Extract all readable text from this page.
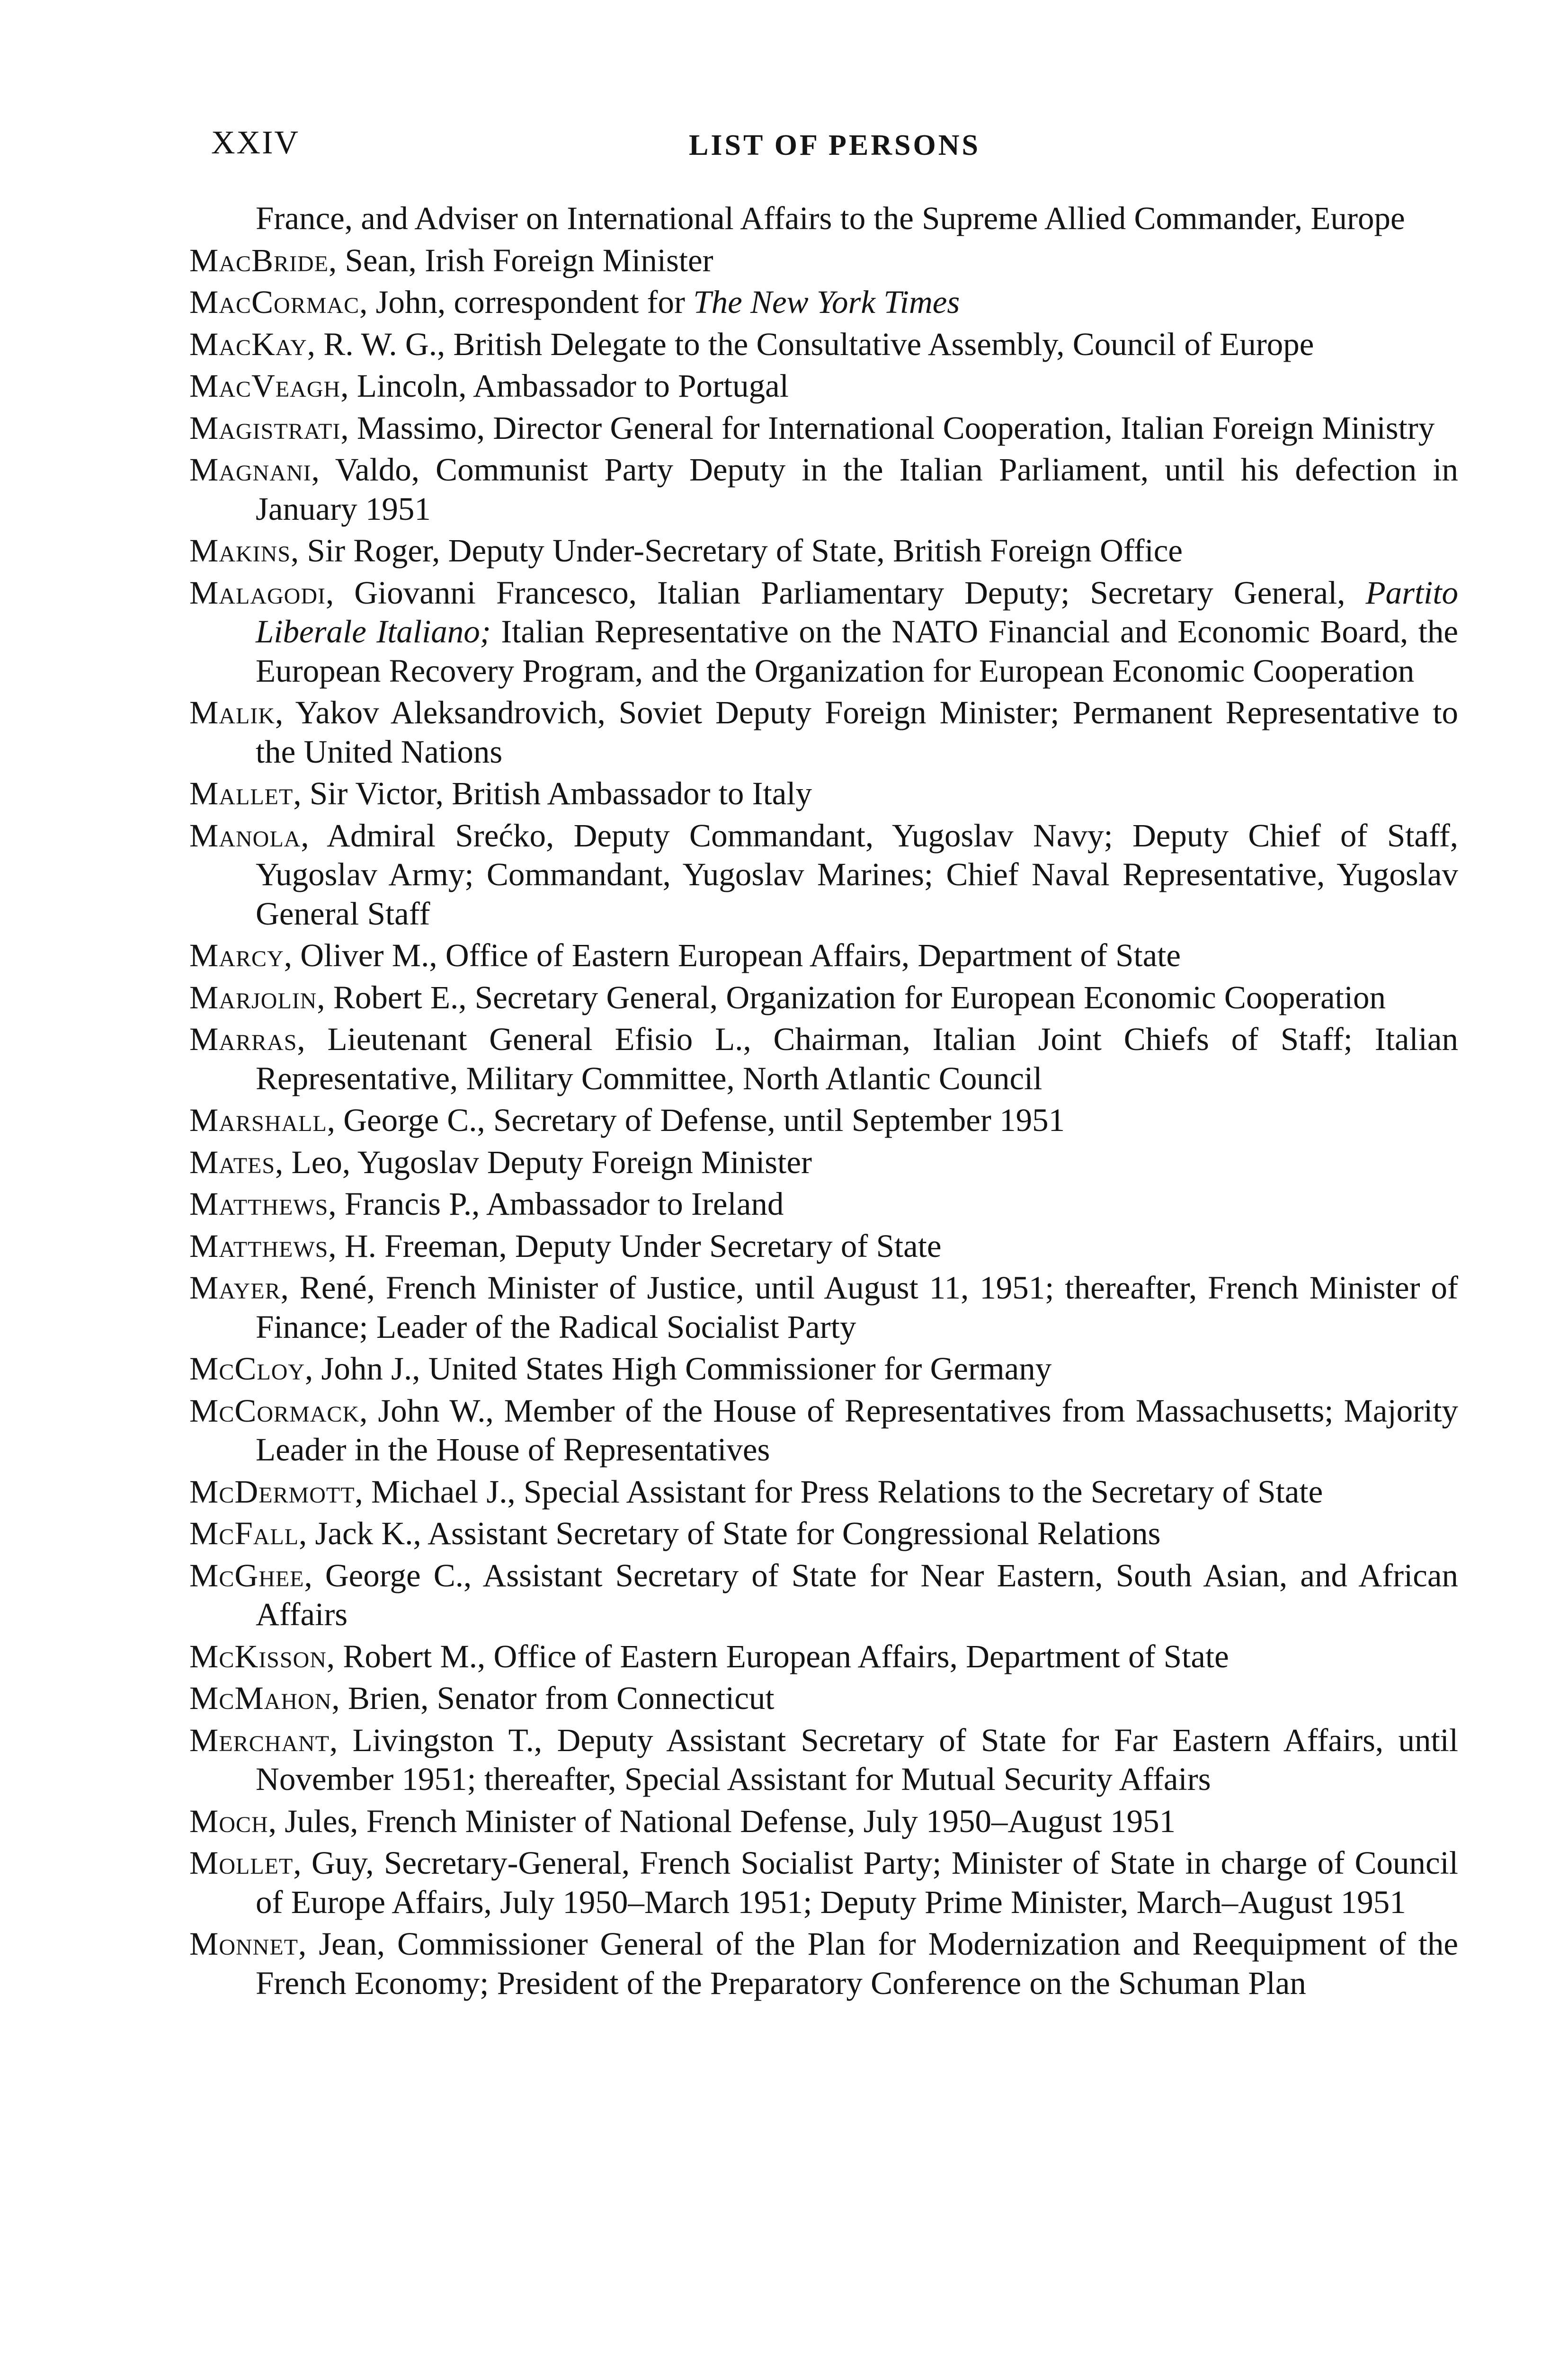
XXIV	LIST OF PERSONS

France, and Adviser on International Affairs to the Supreme Allied Commander, Europe

MacBride, Sean, Irish Foreign Minister

MacCormac, John, correspondent for The New York Times

MacKay, R. W. G., British Delegate to the Consultative Assembly, Council of Europe

MacVeagh, Lincoln, Ambassador to Portugal

Magistrati, Massimo, Director General for International Cooperation, Italian Foreign Ministry

Magnani, Valdo, Communist Party Deputy in the Italian Parliament, until his defection in January 1951

Makins, Sir Roger, Deputy Under-Secretary of State, British Foreign Office

Malagodi, Giovanni Francesco, Italian Parliamentary Deputy; Secretary General, Partito Liberale Italiano; Italian Representative on the NATO Financial and Economic Board, the European Recovery Program, and the Organization for European Economic Cooperation

Malik, Yakov Aleksandrovich, Soviet Deputy Foreign Minister; Permanent Representative to the United Nations

Mallet, Sir Victor, British Ambassador to Italy

Manola, Admiral Srećko, Deputy Commandant, Yugoslav Navy; Deputy Chief of Staff, Yugoslav Army; Commandant, Yugoslav Marines; Chief Naval Representative, Yugoslav General Staff

Marcy, Oliver M., Office of Eastern European Affairs, Department of State

Marjolin, Robert E., Secretary General, Organization for European Economic Cooperation

Marras, Lieutenant General Efisio L., Chairman, Italian Joint Chiefs of Staff; Italian Representative, Military Committee, North Atlantic Council

Marshall, George C., Secretary of Defense, until September 1951

Mates, Leo, Yugoslav Deputy Foreign Minister

Matthews, Francis P., Ambassador to Ireland

Matthews, H. Freeman, Deputy Under Secretary of State

Mayer, René, French Minister of Justice, until August 11, 1951; thereafter, French Minister of Finance; Leader of the Radical Socialist Party

McCloy, John J., United States High Commissioner for Germany

McCormack, John W., Member of the House of Representatives from Massachusetts; Majority Leader in the House of Representatives

McDermott, Michael J., Special Assistant for Press Relations to the Secretary of State

McFall, Jack K., Assistant Secretary of State for Congressional Relations

McGhee, George C., Assistant Secretary of State for Near Eastern, South Asian, and African Affairs

McKisson, Robert M., Office of Eastern European Affairs, Department of State

McMahon, Brien, Senator from Connecticut

Merchant, Livingston T., Deputy Assistant Secretary of State for Far Eastern Affairs, until November 1951; thereafter, Special Assistant for Mutual Security Affairs

Moch, Jules, French Minister of National Defense, July 1950–August 1951

Mollet, Guy, Secretary-General, French Socialist Party; Minister of State in charge of Council of Europe Affairs, July 1950–March 1951; Deputy Prime Minister, March–August 1951

Monnet, Jean, Commissioner General of the Plan for Modernization and Reequipment of the French Economy; President of the Preparatory Conference on the Schuman Plan
